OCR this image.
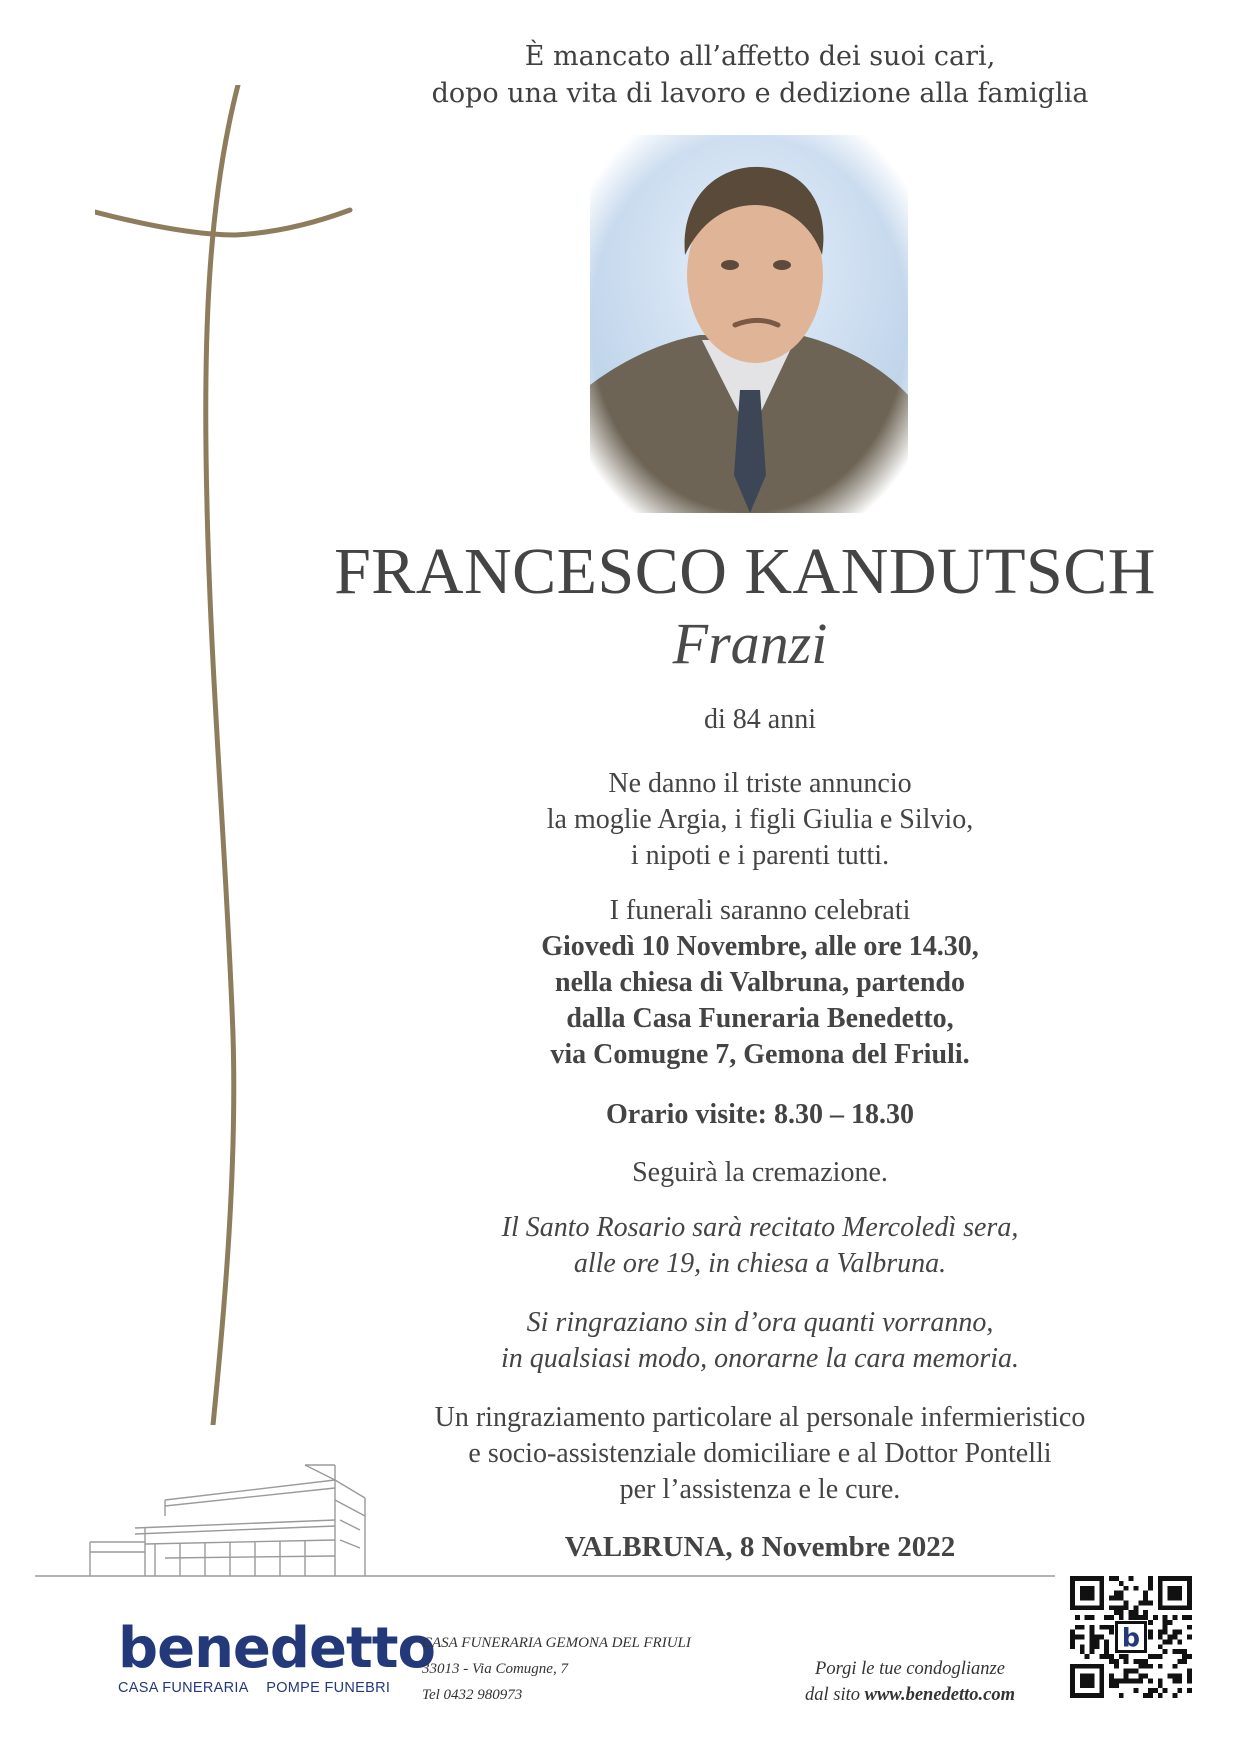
È mancato all’affetto dei suoi cari,
dopo una vita di lavoro e dedizione alla famiglia
FRANCESCO KANDUTSCH
Franzi
di 84 anni
Ne danno il triste annuncio
la moglie Argia, i figli Giulia e Silvio,
i nipoti e i parenti tutti.
I funerali saranno celebrati
Giovedì 10 Novembre, alle ore 14.30,
nella chiesa di Valbruna, partendo
dalla Casa Funeraria Benedetto,
via Comugne 7, Gemona del Friuli.
Orario visite: 8.30 – 18.30
Seguirà la cremazione.
Il Santo Rosario sarà recitato Mercoledì sera,
alle ore 19, in chiesa a Valbruna.
Si ringraziano sin d’ora quanti vorranno,
in qualsiasi modo, onorarne la cara memoria.
Un ringraziamento particolare al personale infermieristico
e socio-assistenziale domiciliare e al Dottor Pontelli
per l’assistenza e le cure.
VALBRUNA, 8 Novembre 2022
benedetto
CASA FUNERARIA POMPE FUNEBRI
CASA FUNERARIA GEMONA DEL FRIULI
33013 - Via Comugne, 7
Tel 0432 980973
Porgi le tue condoglianze
dal sito www.benedetto.com
b
